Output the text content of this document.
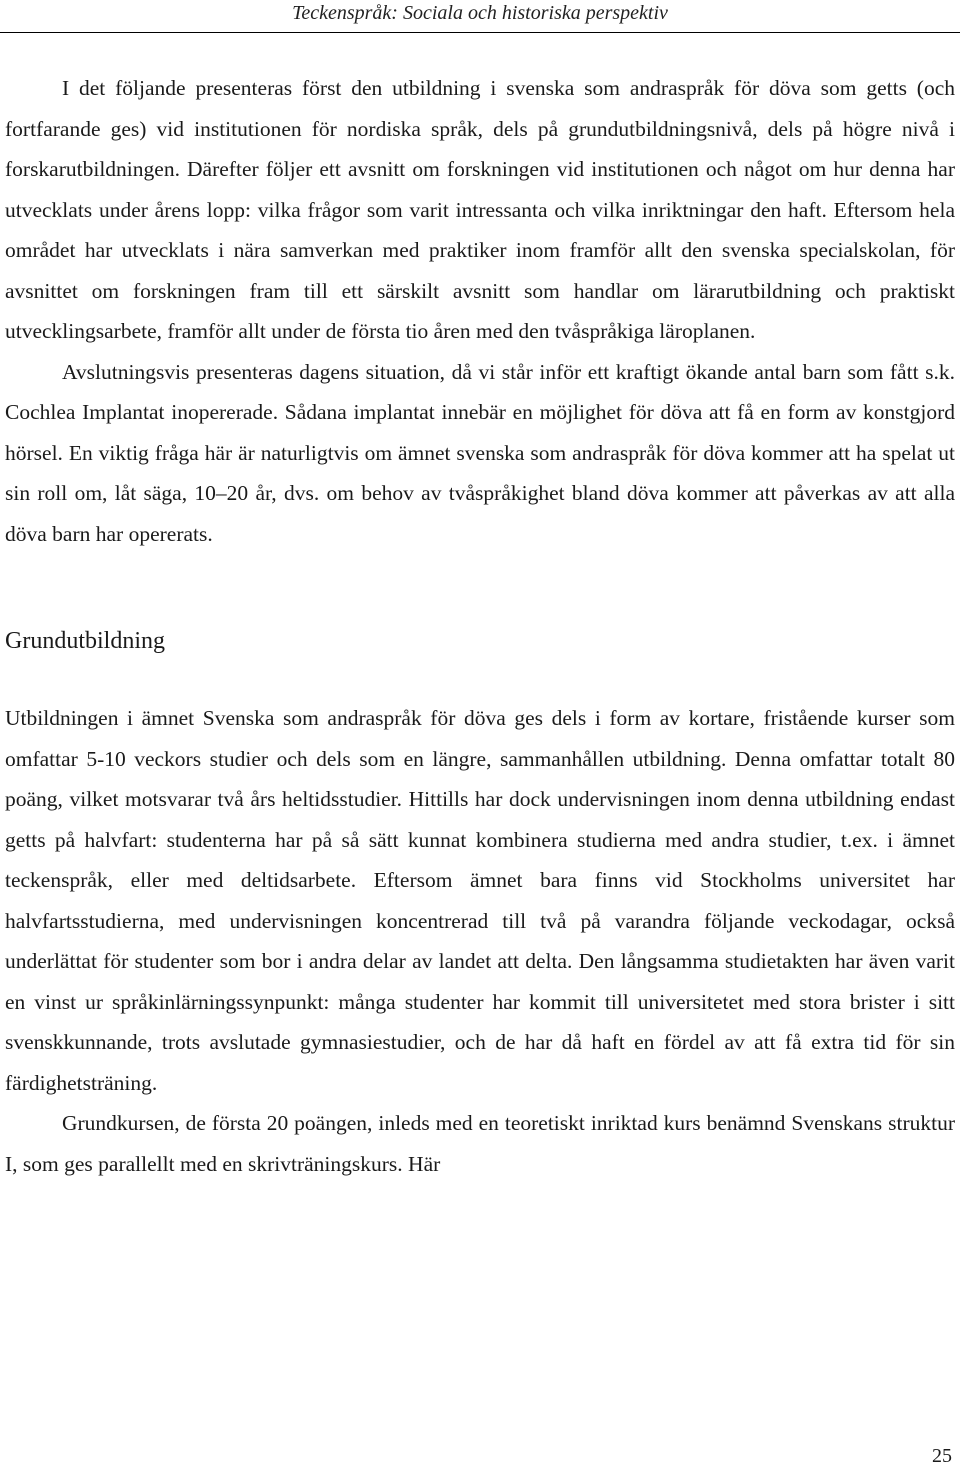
Teckenspråk: Sociala och historiska perspektiv

I det följande presenteras först den utbildning i svenska som andraspråk för döva som getts (och fortfarande ges) vid institutionen för nordiska språk, dels på grundutbildningsnivå, dels på högre nivå i forskarutbildningen. Därefter följer ett avsnitt om forskningen vid institutionen och något om hur denna har utvecklats under årens lopp: vilka frågor som varit intressanta och vilka inriktningar den haft. Eftersom hela området har utvecklats i nära samverkan med praktiker inom framför allt den svenska specialskolan, för avsnittet om forskningen fram till ett särskilt avsnitt som handlar om lärarutbildning och praktiskt utvecklingsarbete, framför allt under de första tio åren med den tvåspråkiga läroplanen.

Avslutningsvis presenteras dagens situation, då vi står inför ett kraftigt ökande antal barn som fått s.k. Cochlea Implantat inopererade. Sådana implantat innebär en möjlighet för döva att få en form av konstgjord hörsel. En viktig fråga här är naturligtvis om ämnet svenska som andraspråk för döva kommer att ha spelat ut sin roll om, låt säga, 10–20 år, dvs. om behov av tvåspråkighet bland döva kommer att påverkas av att alla döva barn har opererats.

Grundutbildning

Utbildningen i ämnet Svenska som andraspråk för döva ges dels i form av kortare, fristående kurser som omfattar 5-10 veckors studier och dels som en längre, sammanhållen utbildning. Denna omfattar totalt 80 poäng, vilket motsvarar två års heltidsstudier. Hittills har dock undervisningen inom denna utbildning endast getts på halvfart: studenterna har på så sätt kunnat kombinera studierna med andra studier, t.ex. i ämnet teckenspråk, eller med deltidsarbete. Eftersom ämnet bara finns vid Stockholms universitet har halvfartsstudierna, med undervisningen koncentrerad till två på varandra följande veckodagar, också underlättat för studenter som bor i andra delar av landet att delta. Den långsamma studietakten har även varit en vinst ur språkinlärningssynpunkt: många studenter har kommit till universitetet med stora brister i sitt svenskkunnande, trots avslutade gymnasiestudier, och de har då haft en fördel av att få extra tid för sin färdighetsträning.

Grundkursen, de första 20 poängen, inleds med en teoretiskt inriktad kurs benämnd Svenskans struktur I, som ges parallellt med en skrivträningskurs. Här

25
